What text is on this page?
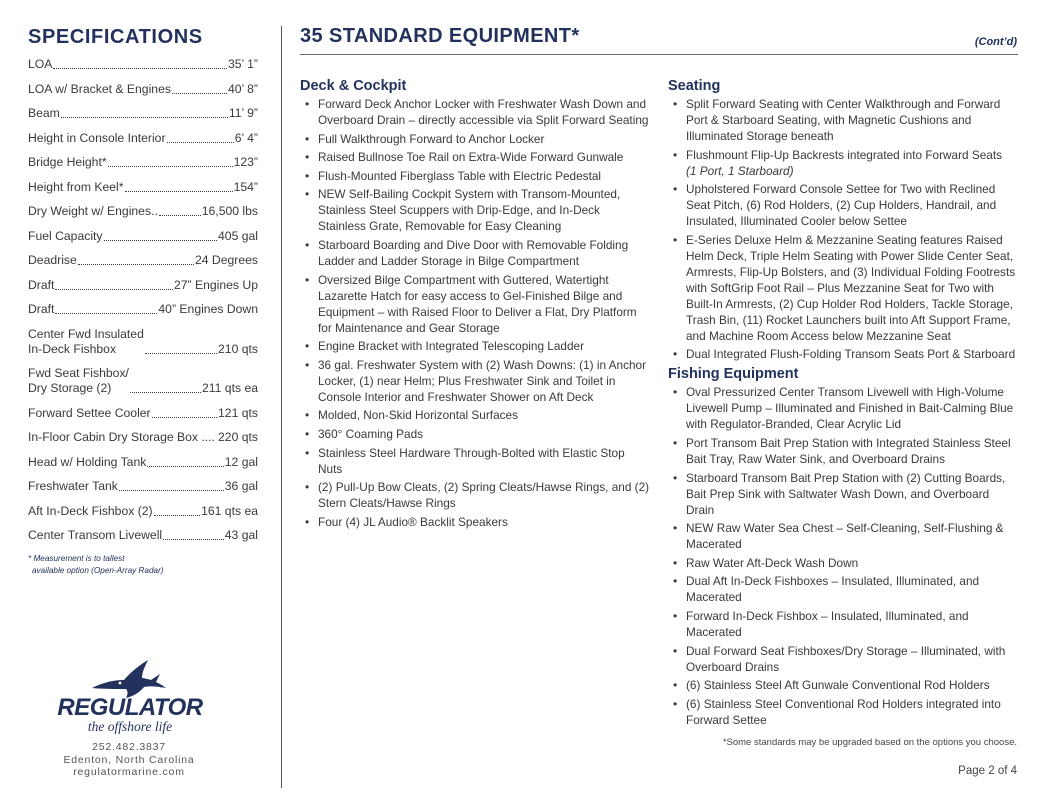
SPECIFICATIONS
LOA	35’ 1”
LOA w/ Bracket & Engines	40’ 8”
Beam	11’ 9”
Height in Console Interior	6’ 4”
Bridge Height*	123”
Height from Keel*	154”
Dry Weight w/ Engines..	16,500 lbs
Fuel Capacity	405 gal
Deadrise	24 Degrees
Draft	27” Engines Up
Draft	40” Engines Down
Center Fwd Insulated
In-Deck Fishbox	210 qts
Fwd Seat Fishbox/
Dry Storage (2)	211 qts ea
Forward Settee Cooler	121 qts
In-Floor Cabin Dry Storage Box .... 220 qts
Head w/ Holding Tank	12 gal
Freshwater Tank	36 gal
Aft In-Deck Fishbox (2)	161 qts ea
Center Transom Livewell	43 gal
* Measurement is to tallest
available option (Open-Array Radar)
REGULATOR
the offshore life
252.482.3837
Edenton, North Carolina
regulatormarine.com
35 STANDARD EQUIPMENT*	(Cont’d)
Deck & Cockpit
• Forward Deck Anchor Locker with Freshwater Wash Down and Overboard Drain – directly accessible via Split Forward Seating
• Full Walkthrough Forward to Anchor Locker
• Raised Bullnose Toe Rail on Extra-Wide Forward Gunwale
• Flush-Mounted Fiberglass Table with Electric Pedestal
• NEW Self-Bailing Cockpit System with Transom-Mounted, Stainless Steel Scuppers with Drip-Edge, and In-Deck Stainless Grate, Removable for Easy Cleaning
• Starboard Boarding and Dive Door with Removable Folding Ladder and Ladder Storage in Bilge Compartment
• Oversized Bilge Compartment with Guttered, Watertight Lazarette Hatch for easy access to Gel-Finished Bilge and Equipment – with Raised Floor to Deliver a Flat, Dry Platform for Maintenance and Gear Storage
• Engine Bracket with Integrated Telescoping Ladder
• 36 gal. Freshwater System with (2) Wash Downs: (1) in Anchor Locker, (1) near Helm; Plus Freshwater Sink and Toilet in Console Interior and Freshwater Shower on Aft Deck
• Molded, Non-Skid Horizontal Surfaces
• 360° Coaming Pads
• Stainless Steel Hardware Through-Bolted with Elastic Stop Nuts
• (2) Pull-Up Bow Cleats, (2) Spring Cleats/Hawse Rings, and (2) Stern Cleats/Hawse Rings
• Four (4) JL Audio® Backlit Speakers
Seating
• Split Forward Seating with Center Walkthrough and Forward Port & Starboard Seating, with Magnetic Cushions and Illuminated Storage beneath
• Flushmount Flip-Up Backrests integrated into Forward Seats
(1 Port, 1 Starboard)
• Upholstered Forward Console Settee for Two with Reclined Seat Pitch, (6) Rod Holders, (2) Cup Holders, Handrail, and Insulated, Illuminated Cooler below Settee
• E-Series Deluxe Helm & Mezzanine Seating features Raised Helm Deck, Triple Helm Seating with Power Slide Center Seat, Armrests, Flip-Up Bolsters, and (3) Individual Folding Footrests with SoftGrip Foot Rail – Plus Mezzanine Seat for Two with Built-In Armrests, (2) Cup Holder Rod Holders, Tackle Storage, Trash Bin, (11) Rocket Launchers built into Aft Support Frame, and Machine Room Access below Mezzanine Seat
• Dual Integrated Flush-Folding Transom Seats Port & Starboard
Fishing Equipment
• Oval Pressurized Center Transom Livewell with High-Volume Livewell Pump – Illuminated and Finished in Bait-Calming Blue with Regulator-Branded, Clear Acrylic Lid
• Port Transom Bait Prep Station with Integrated Stainless Steel Bait Tray, Raw Water Sink, and Overboard Drains
• Starboard Transom Bait Prep Station with (2) Cutting Boards, Bait Prep Sink with Saltwater Wash Down, and Overboard Drain
• NEW Raw Water Sea Chest – Self-Cleaning, Self-Flushing & Macerated
• Raw Water Aft-Deck Wash Down
• Dual Aft In-Deck Fishboxes – Insulated, Illuminated, and Macerated
• Forward In-Deck Fishbox – Insulated, Illuminated, and Macerated
• Dual Forward Seat Fishboxes/Dry Storage – Illuminated, with Overboard Drains
• (6) Stainless Steel Aft Gunwale Conventional Rod Holders
• (6) Stainless Steel Conventional Rod Holders integrated into Forward Settee
*Some standards may be upgraded based on the options you choose.
Page 2 of 4
